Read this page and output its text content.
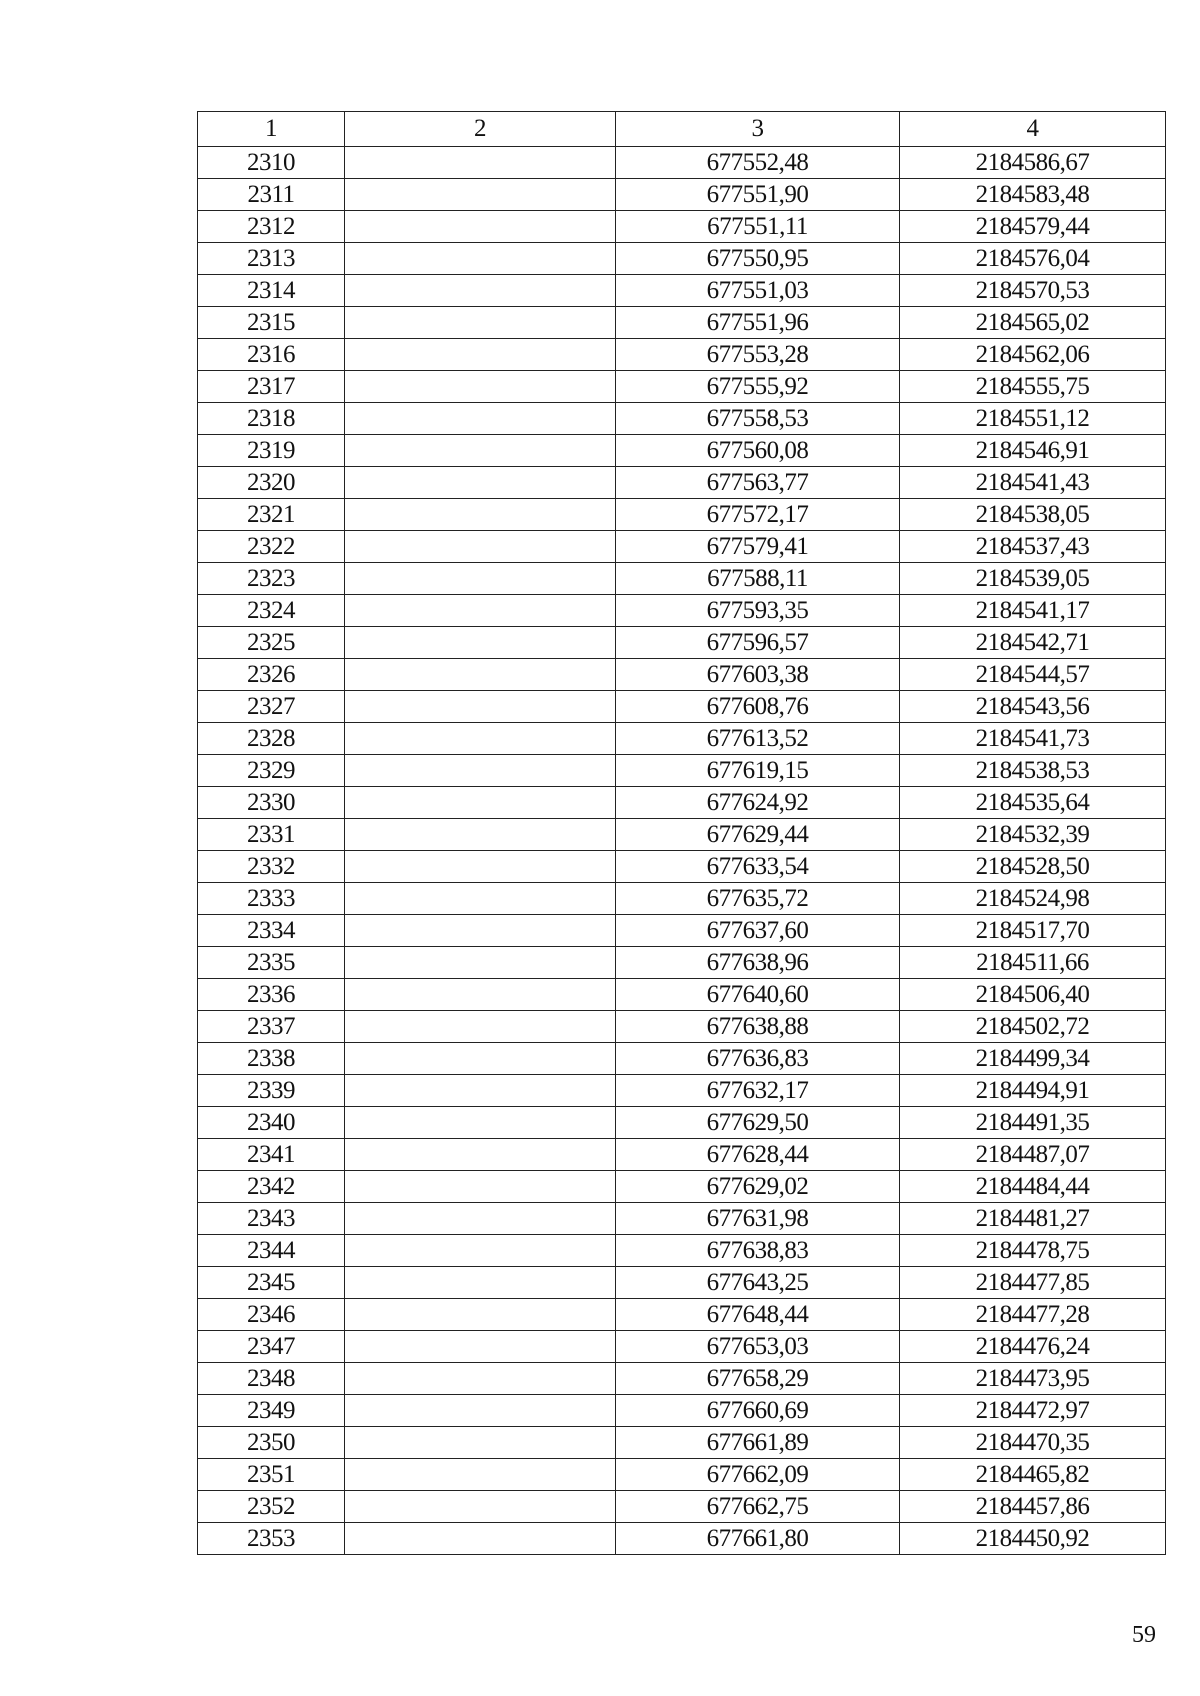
1	2	3	4
2310		677552,48	2184586,67
2311		677551,90	2184583,48
2312		677551,11	2184579,44
2313		677550,95	2184576,04
2314		677551,03	2184570,53
2315		677551,96	2184565,02
2316		677553,28	2184562,06
2317		677555,92	2184555,75
2318		677558,53	2184551,12
2319		677560,08	2184546,91
2320		677563,77	2184541,43
2321		677572,17	2184538,05
2322		677579,41	2184537,43
2323		677588,11	2184539,05
2324		677593,35	2184541,17
2325		677596,57	2184542,71
2326		677603,38	2184544,57
2327		677608,76	2184543,56
2328		677613,52	2184541,73
2329		677619,15	2184538,53
2330		677624,92	2184535,64
2331		677629,44	2184532,39
2332		677633,54	2184528,50
2333		677635,72	2184524,98
2334		677637,60	2184517,70
2335		677638,96	2184511,66
2336		677640,60	2184506,40
2337		677638,88	2184502,72
2338		677636,83	2184499,34
2339		677632,17	2184494,91
2340		677629,50	2184491,35
2341		677628,44	2184487,07
2342		677629,02	2184484,44
2343		677631,98	2184481,27
2344		677638,83	2184478,75
2345		677643,25	2184477,85
2346		677648,44	2184477,28
2347		677653,03	2184476,24
2348		677658,29	2184473,95
2349		677660,69	2184472,97
2350		677661,89	2184470,35
2351		677662,09	2184465,82
2352		677662,75	2184457,86
2353		677661,80	2184450,92
59
